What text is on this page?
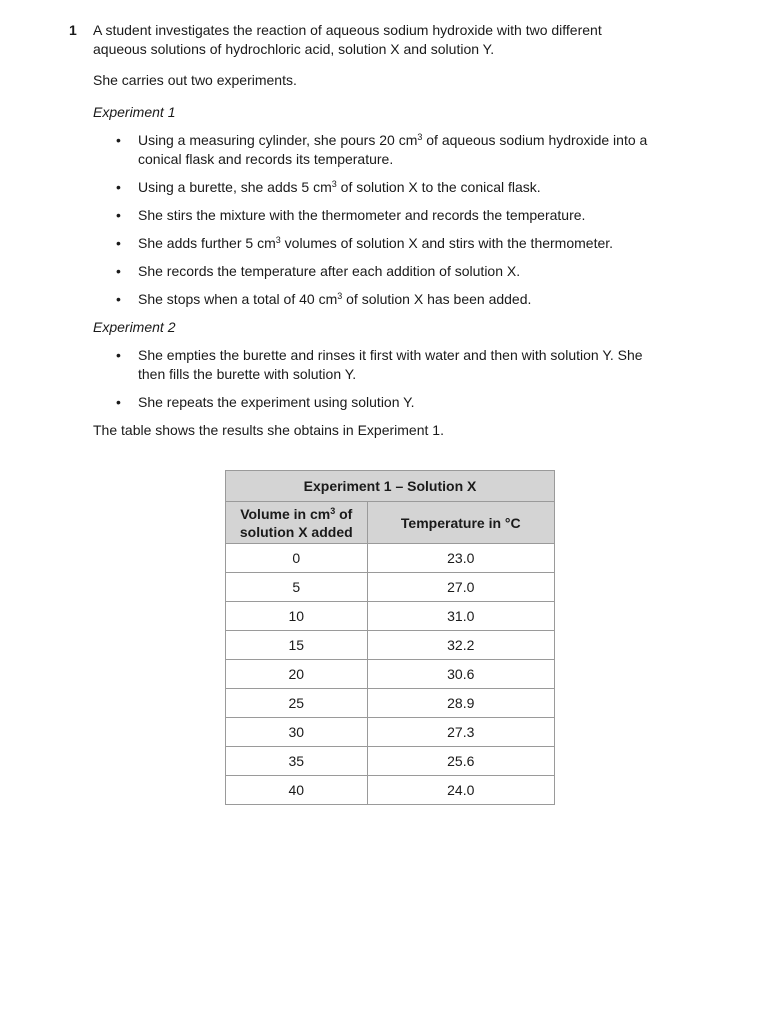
1 A student investigates the reaction of aqueous sodium hydroxide with two different aqueous solutions of hydrochloric acid, solution X and solution Y.

She carries out two experiments.

Experiment 1

• Using a measuring cylinder, she pours 20 $cm^3$ of aqueous sodium hydroxide into a conical flask and records its temperature.
• Using a burette, she adds 5 $cm^3$ of solution X to the conical flask.
• She stirs the mixture with the thermometer and records the temperature.
• She adds further 5 $cm^3$ volumes of solution X and stirs with the thermometer.
• She records the temperature after each addition of solution X.
• She stops when a total of 40 $cm^3$ of solution X has been added.

Experiment 2

• She empties the burette and rinses it first with water and then with solution Y. She then fills the burette with solution Y.
• She repeats the experiment using solution Y.

The table shows the results she obtains in Experiment 1.

Experiment 1 – Solution X	
Volume in $cm^3$ of
solution X added	Temperature in °C
0	23.0
5	27.0
10	31.0
15	32.2
20	30.6
25	28.9
30	27.3
35	25.6
40	24.0
